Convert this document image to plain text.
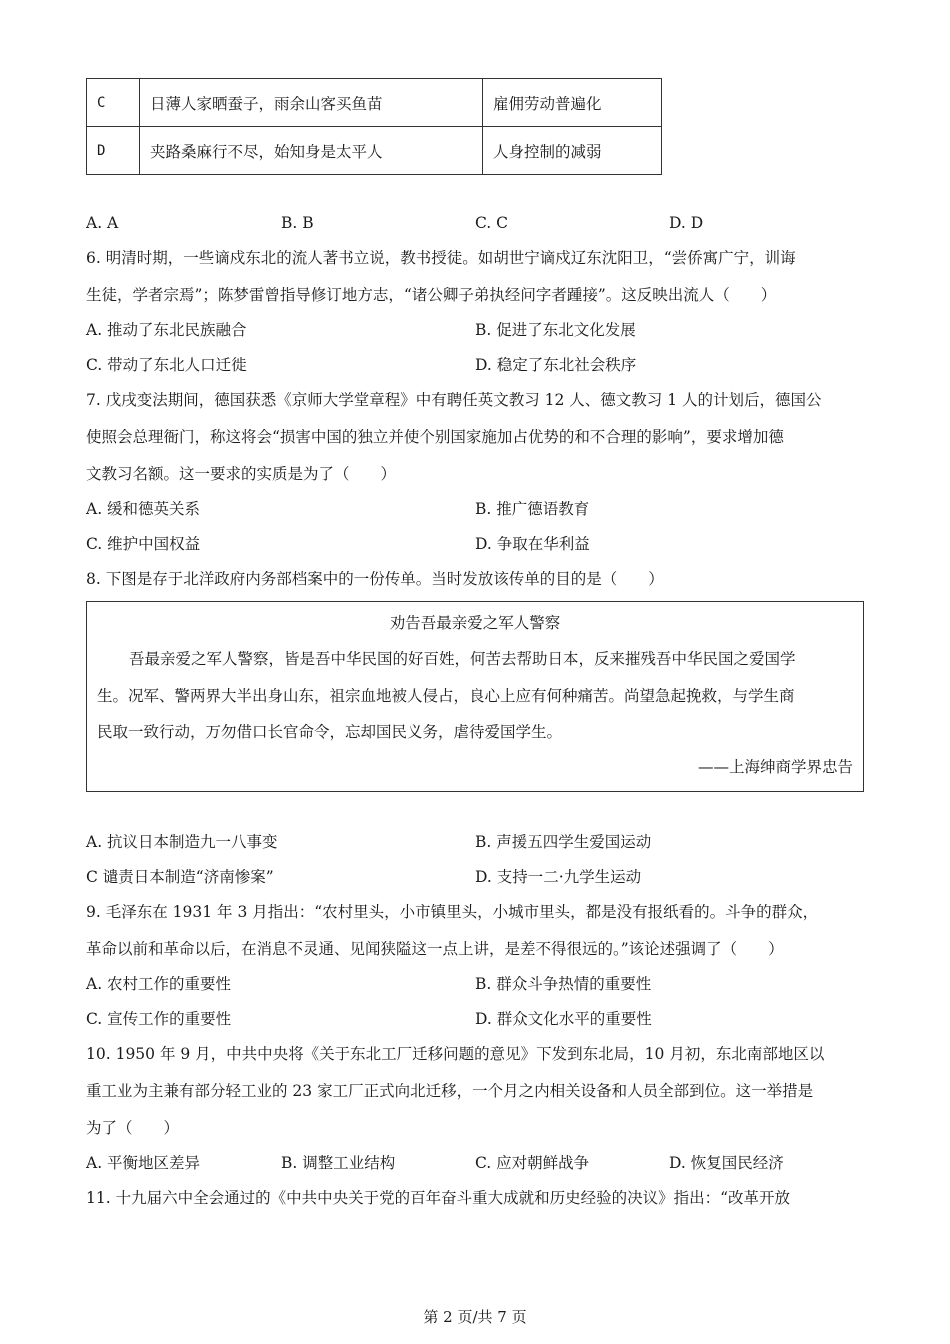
C	日薄人家晒蚕子，雨余山客买鱼苗	雇佣劳动普遍化
D	夹路桑麻行不尽，始知身是太平人	人身控制的减弱
A. A	B. B	C. C	D. D
6. 明清时期，一些谪戍东北的流人著书立说，教书授徒。如胡世宁谪戍辽东沈阳卫，“尝侨寓广宁，训诲
生徒，学者宗焉”；陈梦雷曾指导修订地方志，“诸公卿子弟执经问字者踵接”。这反映出流人（　　）
A. 推动了东北民族融合	B. 促进了东北文化发展
C. 带动了东北人口迁徙	D. 稳定了东北社会秩序
7. 戊戌变法期间，德国获悉《京师大学堂章程》中有聘任英文教习 12 人、德文教习 1 人的计划后，德国公
使照会总理衙门，称这将会“损害中国的独立并使个别国家施加占优势的和不合理的影响”，要求增加德
文教习名额。这一要求的实质是为了（　　）
A. 缓和德英关系	B. 推广德语教育
C. 维护中国权益	D. 争取在华利益
8. 下图是存于北洋政府内务部档案中的一份传单。当时发放该传单的目的是（　　）
劝告吾最亲爱之军人警察
吾最亲爱之军人警察，皆是吾中华民国的好百姓，何苦去帮助日本，反来摧残吾中华民国之爱国学
生。况军、警两界大半出身山东，祖宗血地被人侵占，良心上应有何种痛苦。尚望急起挽救，与学生商
民取一致行动，万勿借口长官命令，忘却国民义务，虐待爱国学生。
——上海绅商学界忠告
A. 抗议日本制造九一八事变	B. 声援五四学生爱国运动
C 谴责日本制造“济南惨案”	D. 支持一二·九学生运动
9. 毛泽东在 1931 年 3 月指出：“农村里头，小市镇里头，小城市里头，都是没有报纸看的。斗争的群众，
革命以前和革命以后，在消息不灵通、见闻狭隘这一点上讲，是差不得很远的。”该论述强调了（　　）
A. 农村工作的重要性	B. 群众斗争热情的重要性
C. 宣传工作的重要性	D. 群众文化水平的重要性
10. 1950 年 9 月，中共中央将《关于东北工厂迁移问题的意见》下发到东北局，10 月初，东北南部地区以
重工业为主兼有部分轻工业的 23 家工厂正式向北迁移，一个月之内相关设备和人员全部到位。这一举措是
为了（　　）
A. 平衡地区差异	B. 调整工业结构	C. 应对朝鲜战争	D. 恢复国民经济
11. 十九届六中全会通过的《中共中央关于党的百年奋斗重大成就和历史经验的决议》指出：“改革开放
第 2 页/共 7 页
